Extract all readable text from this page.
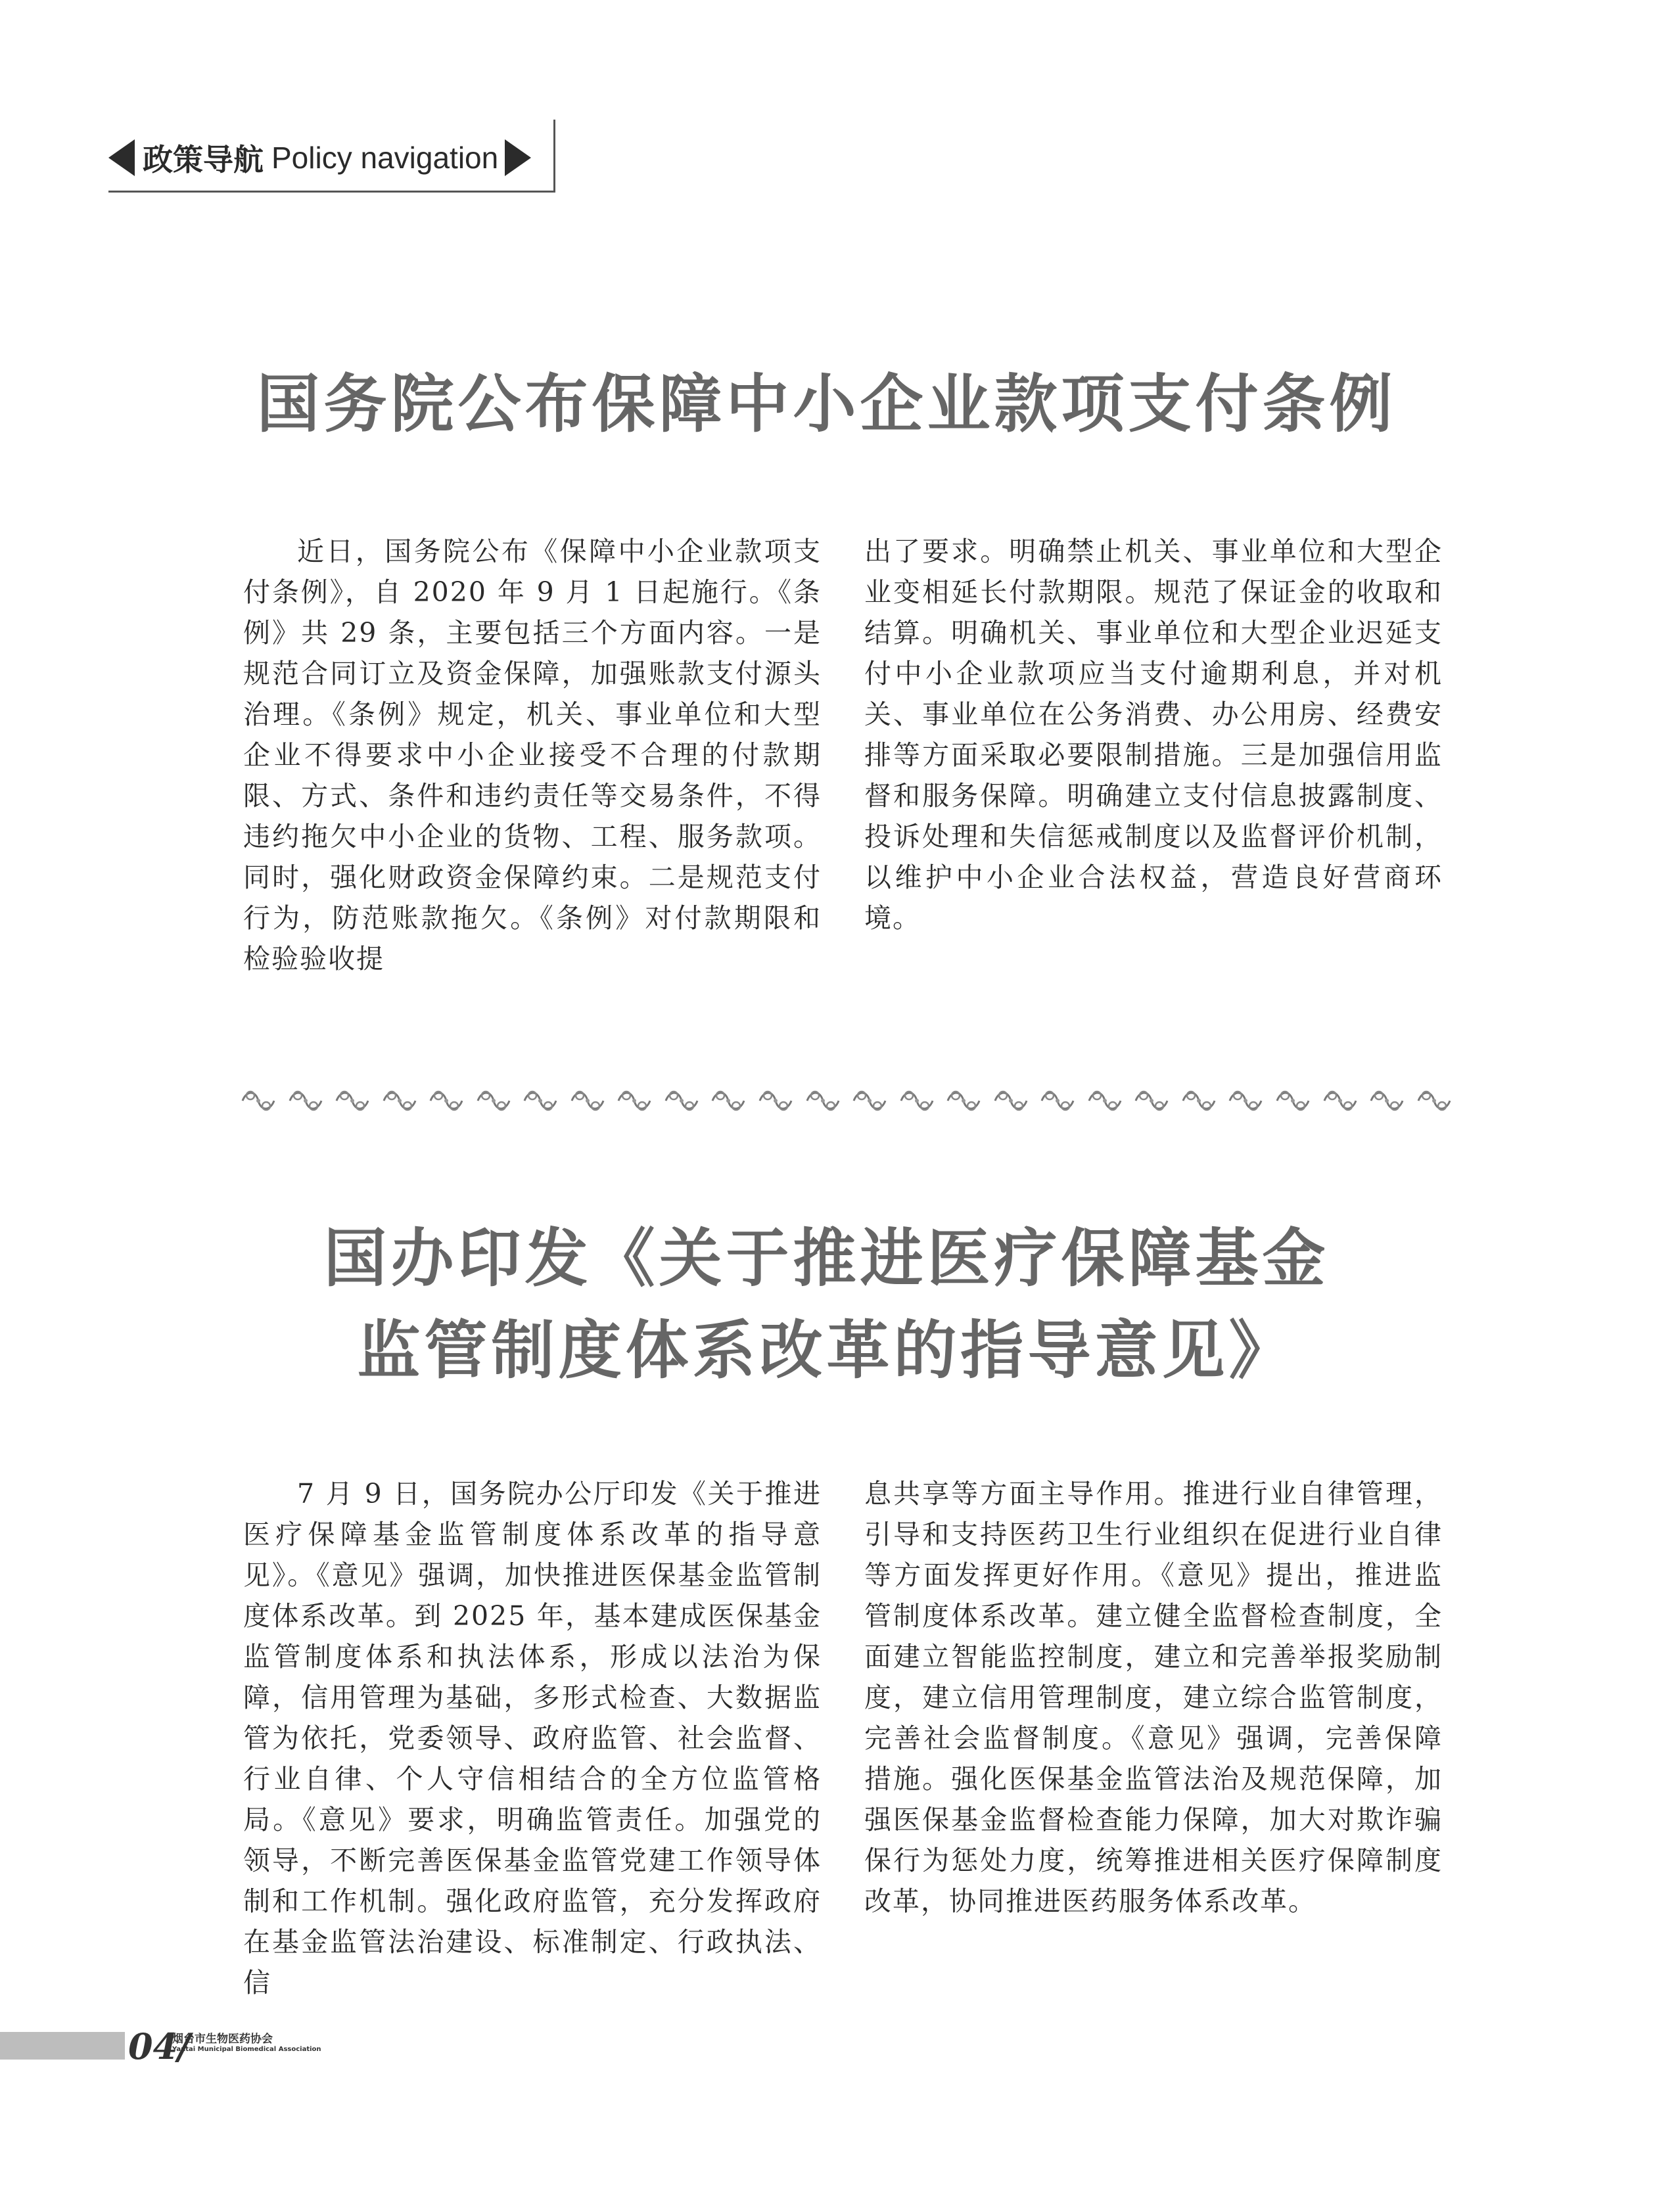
政策导航 Policy navigation
国务院公布保障中小企业款项支付条例

近日，国务院公布《保障中小企业款项支付条例》，自 2020 年 9 月 1 日起施行。《条例》共 29 条，主要包括三个方面内容。一是规范合同订立及资金保障，加强账款支付源头治理。《条例》规定，机关、事业单位和大型企业不得要求中小企业接受不合理的付款期限、方式、条件和违约责任等交易条件，不得违约拖欠中小企业的货物、工程、服务款项。同时，强化财政资金保障约束。二是规范支付行为，防范账款拖欠。《条例》对付款期限和检验验收提

出了要求。明确禁止机关、事业单位和大型企业变相延长付款期限。规范了保证金的收取和结算。明确机关、事业单位和大型企业迟延支付中小企业款项应当支付逾期利息，并对机关、事业单位在公务消费、办公用房、经费安排等方面采取必要限制措施。三是加强信用监督和服务保障。明确建立支付信息披露制度、投诉处理和失信惩戒制度以及监督评价机制，以维护中小企业合法权益，营造良好营商环境。

国办印发《关于推进医疗保障基金
监管制度体系改革的指导意见》

7 月 9 日，国务院办公厅印发《关于推进医疗保障基金监管制度体系改革的指导意见》。《意见》强调，加快推进医保基金监管制度体系改革。到 2025 年，基本建成医保基金监管制度体系和执法体系，形成以法治为保障，信用管理为基础，多形式检查、大数据监管为依托，党委领导、政府监管、社会监督、行业自律、个人守信相结合的全方位监管格局。《意见》要求，明确监管责任。加强党的领导，不断完善医保基金监管党建工作领导体制和工作机制。强化政府监管，充分发挥政府在基金监管法治建设、标准制定、行政执法、信

息共享等方面主导作用。推进行业自律管理，引导和支持医药卫生行业组织在促进行业自律等方面发挥更好作用。《意见》提出，推进监管制度体系改革。建立健全监督检查制度，全面建立智能监控制度，建立和完善举报奖励制度，建立信用管理制度，建立综合监管制度，完善社会监督制度。《意见》强调，完善保障措施。强化医保基金监管法治及规范保障，加强医保基金监督检查能力保障，加大对欺诈骗保行为惩处力度，统筹推进相关医疗保障制度改革，协同推进医药服务体系改革。

04/
烟台市生物医药协会
Yantai Municipal Biomedical Association
